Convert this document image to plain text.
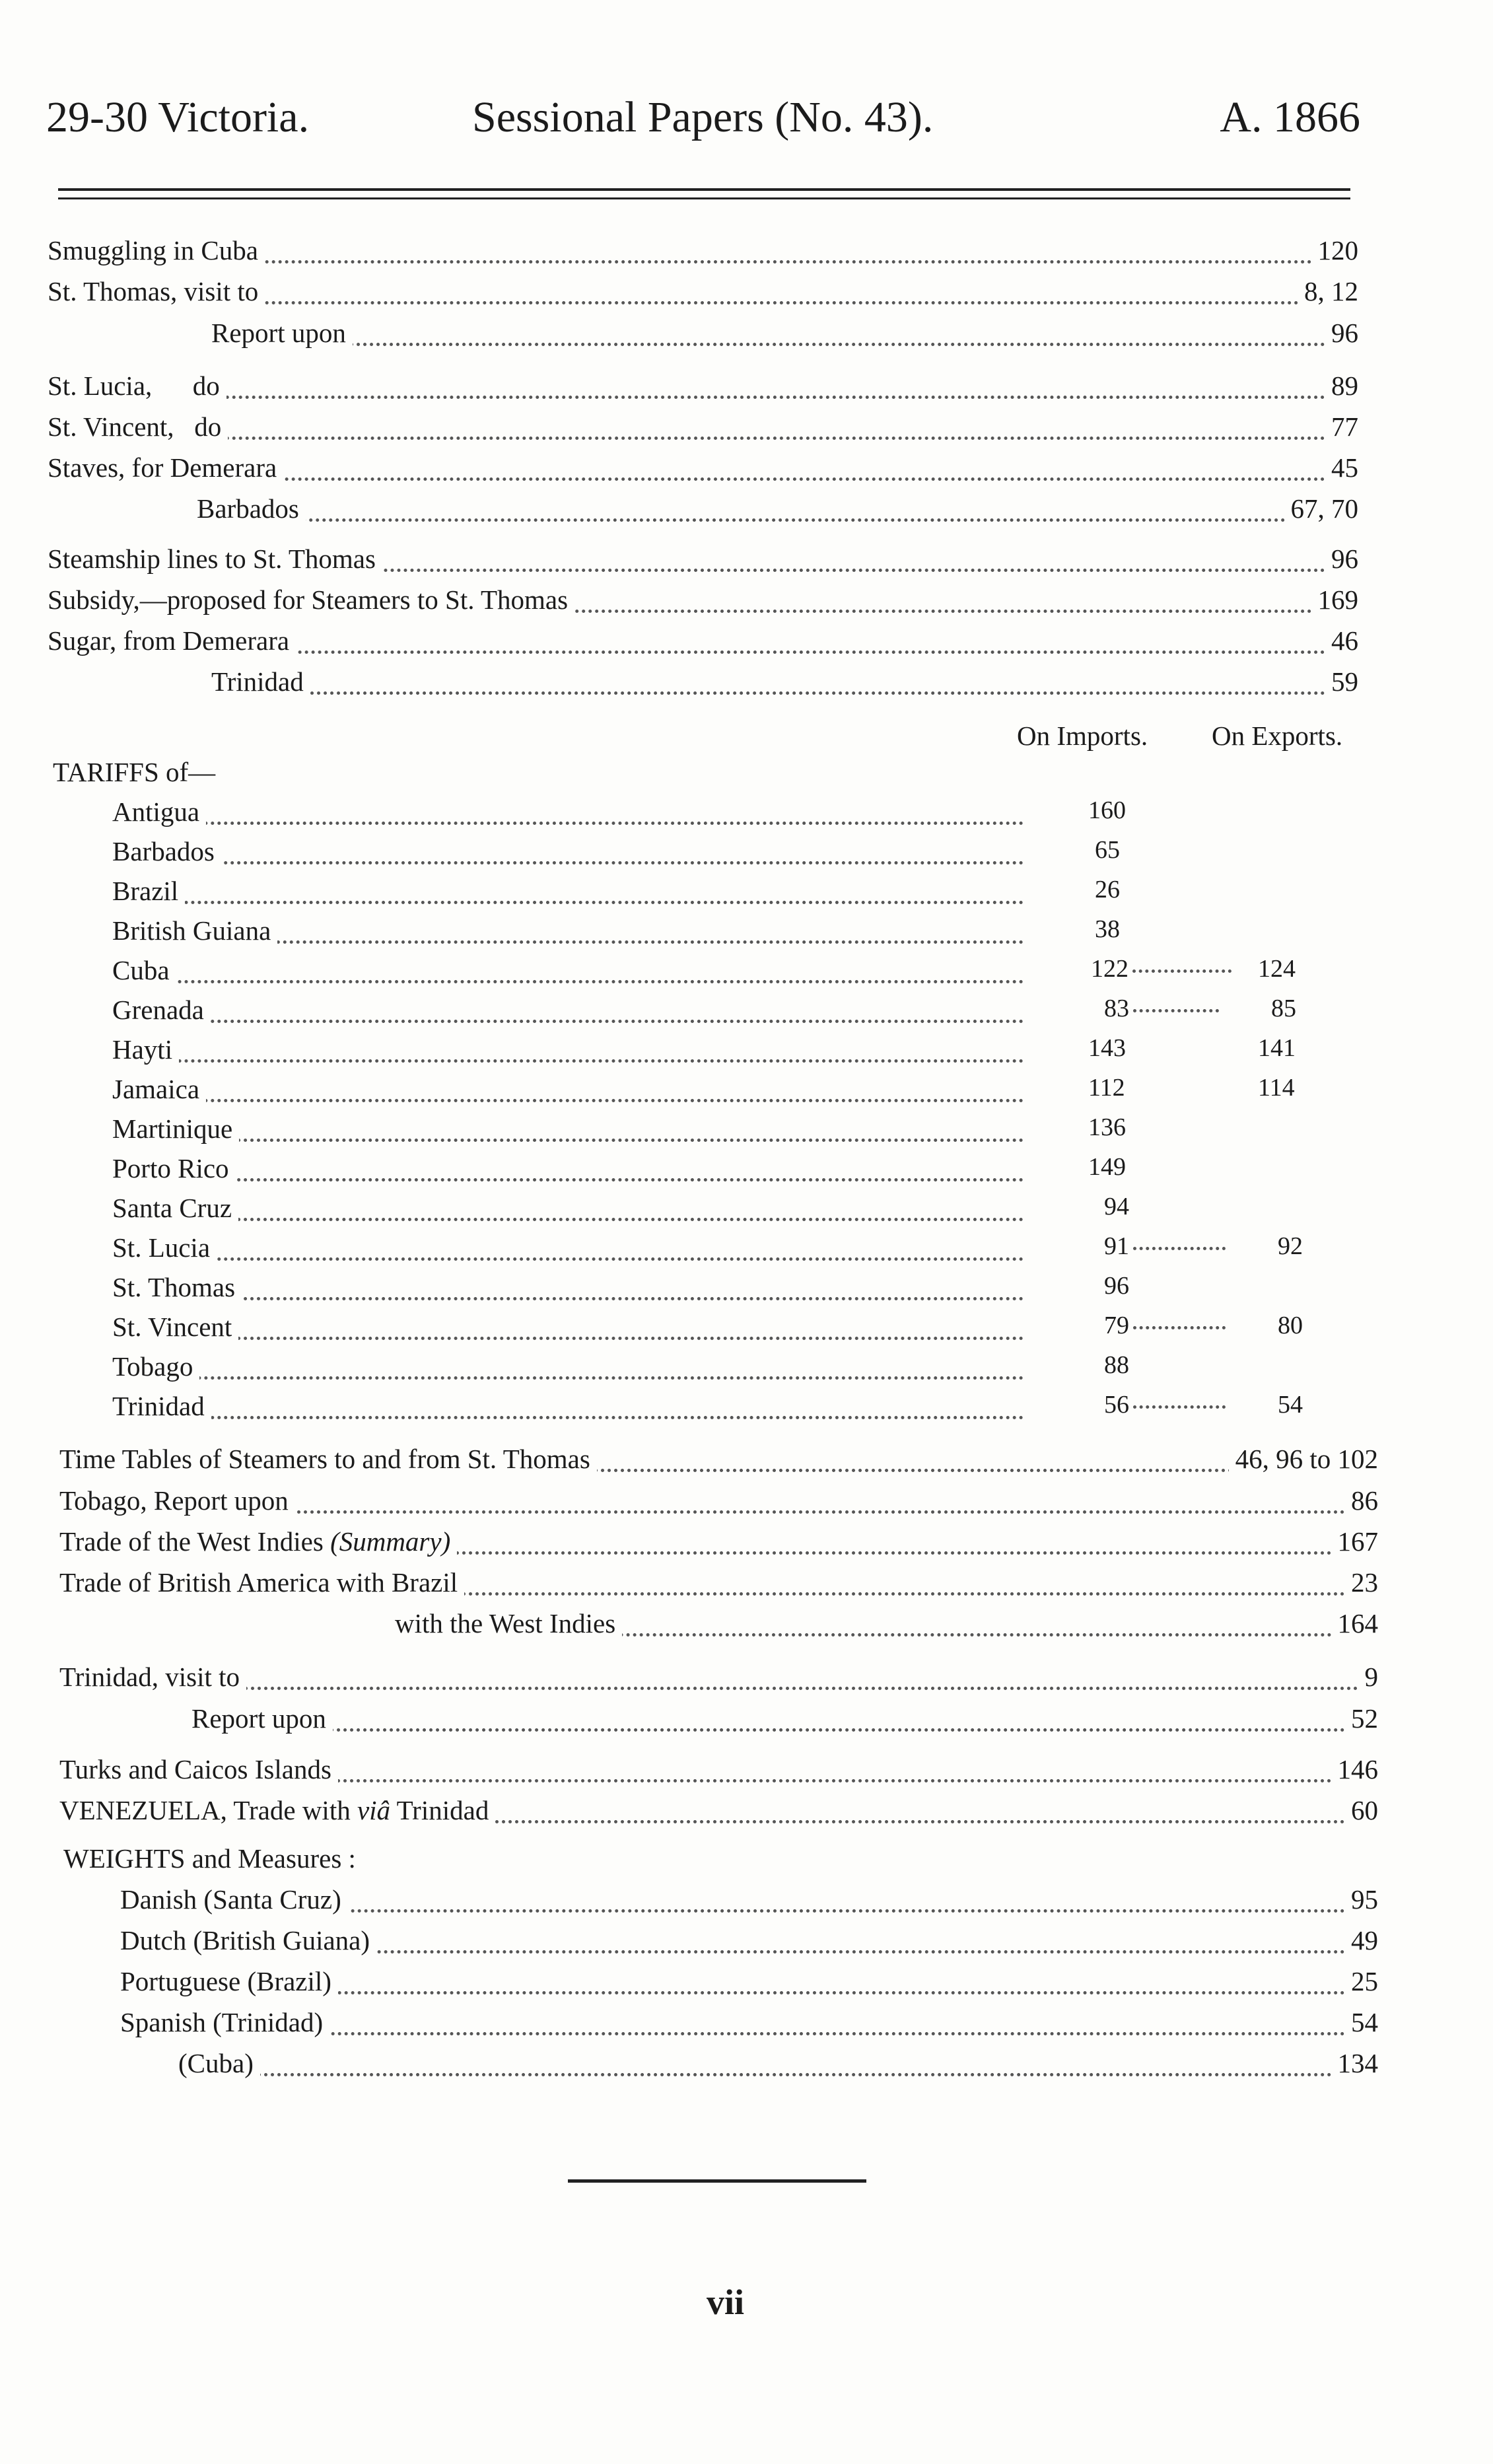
29-30 Victoria.	Sessional Papers (No. 43).	A. 1866
Smuggling in Cuba	120
St. Thomas, visit to	8, 12
Report upon	96
St. Lucia,      do	89
St. Vincent,   do	77
Staves, for Demerara	45
Barbados	67, 70
Steamship lines to St. Thomas	96
Subsidy,—proposed for Steamers to St. Thomas	169
Sugar, from Demerara	46
Trinidad	59
On Imports. On Exports.
TARIFFS of—
Antigua	160
Barbados	65
Brazil	26
British Guiana	38
Cuba	122	124
Grenada	83	85
Hayti	143	141
Jamaica	112	114
Martinique	136
Porto Rico	149
Santa Cruz	94
St. Lucia	91	92
St. Thomas	96
St. Vincent	79	80
Tobago	88
Trinidad	56	54
Time Tables of Steamers to and from St. Thomas	46, 96 to 102
Tobago, Report upon	86
Trade of the West Indies (Summary)	167
Trade of British America with Brazil	23
with the West Indies	164
Trinidad, visit to	9
Report upon	52
Turks and Caicos Islands	146
VENEZUELA, Trade with viâ Trinidad	60
WEIGHTS and Measures :
Danish (Santa Cruz)	95
Dutch (British Guiana)	49
Portuguese (Brazil)	25
Spanish (Trinidad)	54
(Cuba)	134
vii
